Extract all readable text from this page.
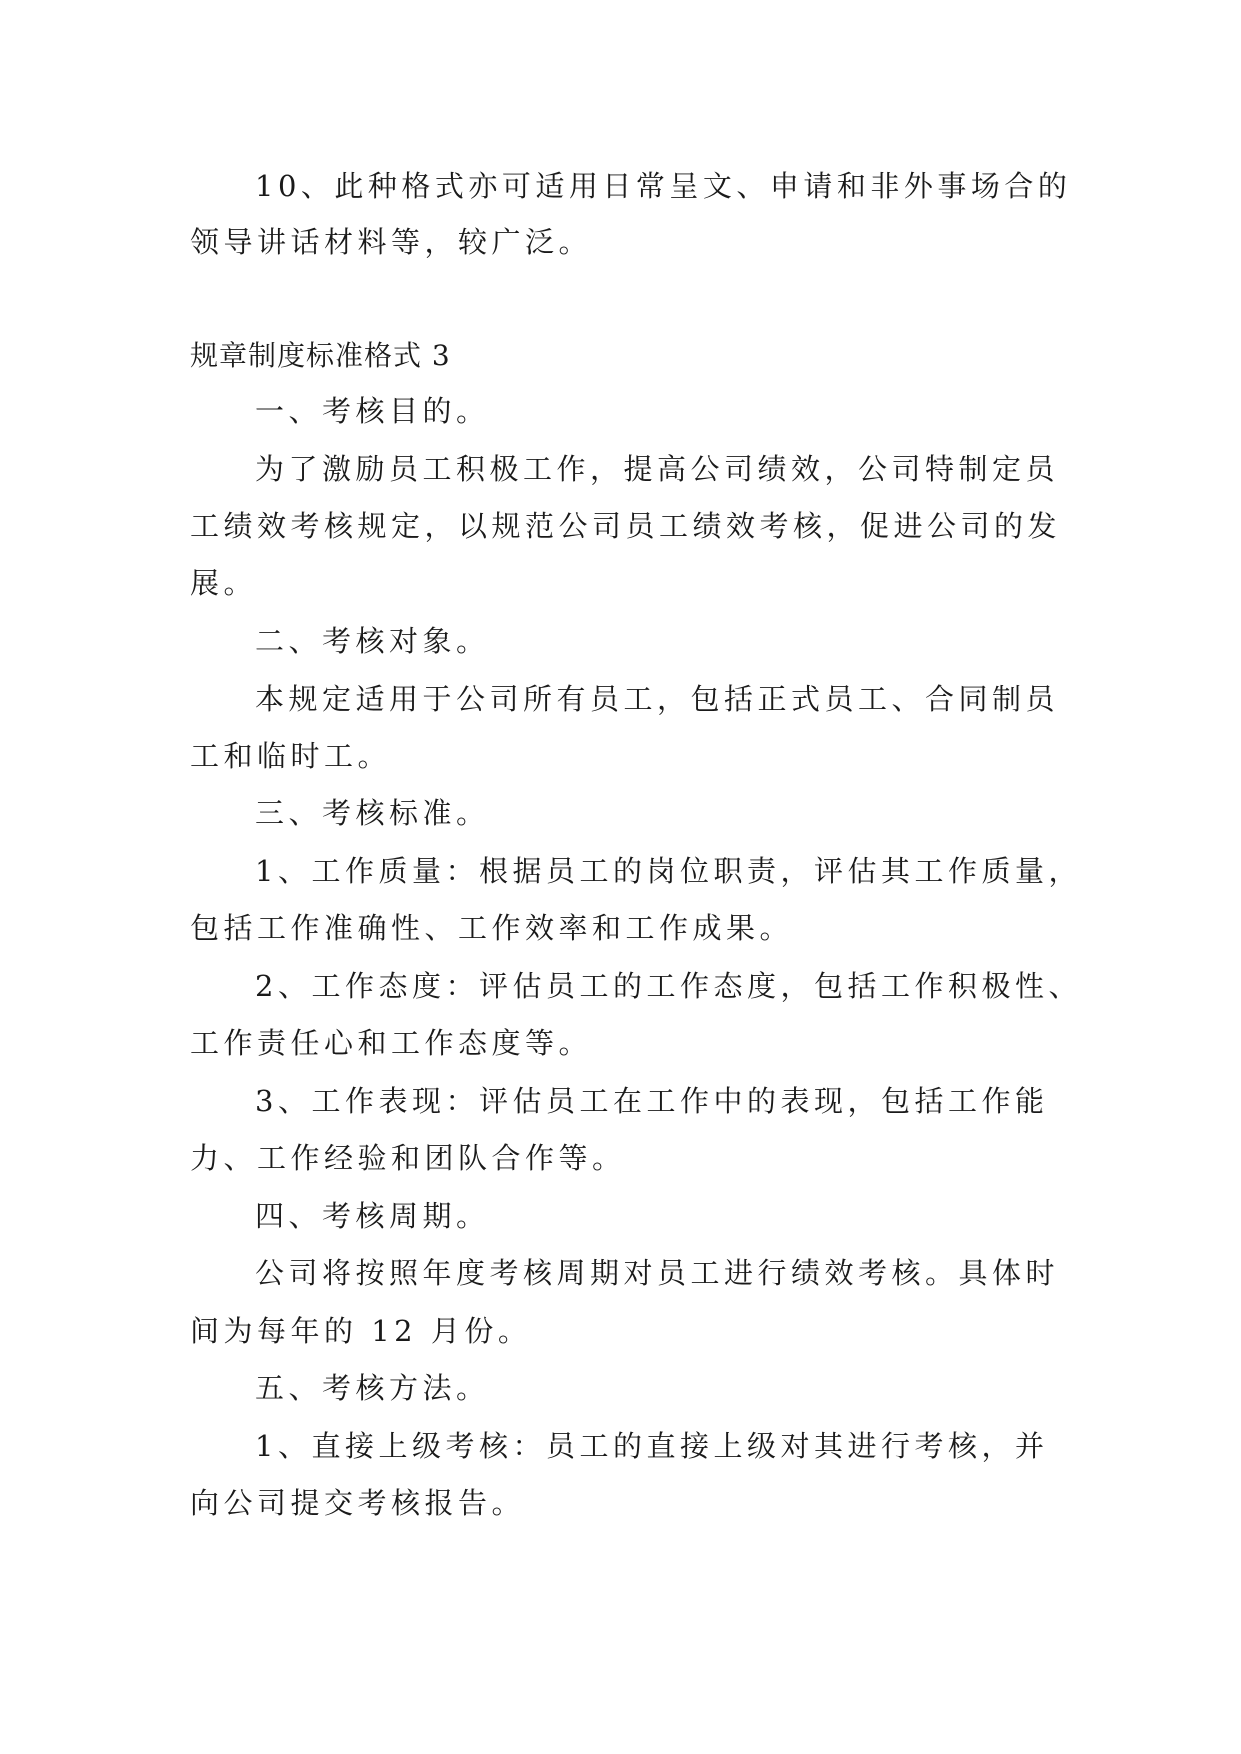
10、此种格式亦可适用日常呈文、申请和非外事场合的
领导讲话材料等，较广泛。
规章制度标准格式 3
一、考核目的。
为了激励员工积极工作，提高公司绩效，公司特制定员
工绩效考核规定，以规范公司员工绩效考核，促进公司的发
展。
二、考核对象。
本规定适用于公司所有员工，包括正式员工、合同制员
工和临时工。
三、考核标准。
1、工作质量：根据员工的岗位职责，评估其工作质量，
包括工作准确性、工作效率和工作成果。
2、工作态度：评估员工的工作态度，包括工作积极性、
工作责任心和工作态度等。
3、工作表现：评估员工在工作中的表现，包括工作能
力、工作经验和团队合作等。
四、考核周期。
公司将按照年度考核周期对员工进行绩效考核。具体时
间为每年的 12 月份。
五、考核方法。
1、直接上级考核：员工的直接上级对其进行考核，并
向公司提交考核报告。
